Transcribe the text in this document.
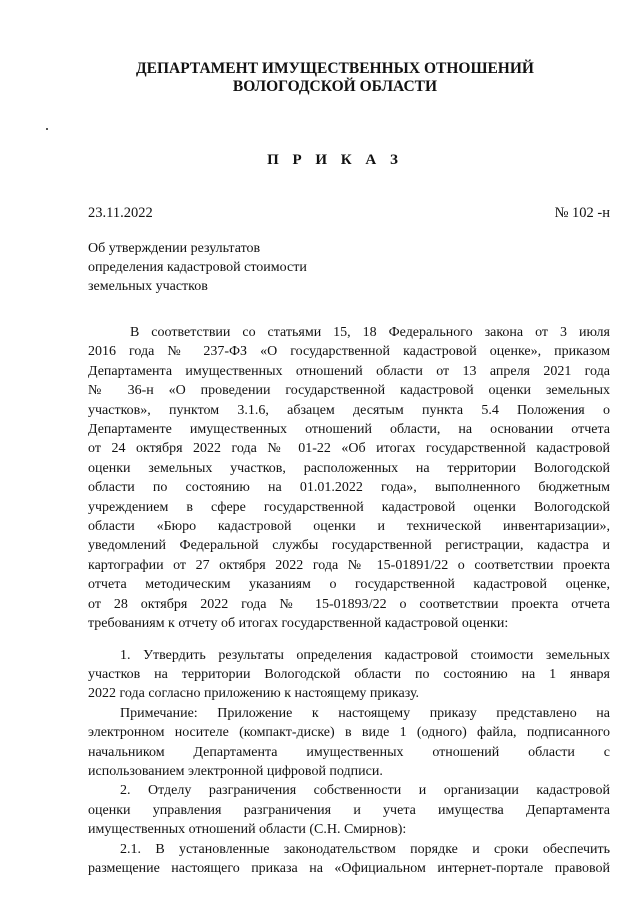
ДЕПАРТАМЕНТ ИМУЩЕСТВЕННЫХ ОТНОШЕНИЙ
ВОЛОГОДСКОЙ ОБЛАСТИ
П Р И К А З
23.11.2022	№ 102 -н
Об утверждении результатов
определения кадастровой стоимости
земельных участков
В соответствии со статьями 15, 18 Федерального закона от 3 июля
2016 года № 237-ФЗ «О государственной кадастровой оценке», приказом
Департамента имущественных отношений области от 13 апреля 2021 года
№ 36-н «О проведении государственной кадастровой оценки земельных
участков», пунктом 3.1.6, абзацем десятым пункта 5.4 Положения о
Департаменте имущественных отношений области, на основании отчета
от 24 октября 2022 года № 01-22 «Об итогах государственной кадастровой
оценки земельных участков, расположенных на территории Вологодской
области по состоянию на 01.01.2022 года», выполненного бюджетным
учреждением в сфере государственной кадастровой оценки Вологодской
области «Бюро кадастровой оценки и технической инвентаризации»,
уведомлений Федеральной службы государственной регистрации, кадастра и
картографии от 27 октября 2022 года № 15-01891/22 о соответствии проекта
отчета методическим указаниям о государственной кадастровой оценке,
от 28 октября 2022 года № 15-01893/22 о соответствии проекта отчета
требованиям к отчету об итогах государственной кадастровой оценки:
1. Утвердить результаты определения кадастровой стоимости земельных
участков на территории Вологодской области по состоянию на 1 января
2022 года согласно приложению к настоящему приказу.
Примечание: Приложение к настоящему приказу представлено на
электронном носителе (компакт-диске) в виде 1 (одного) файла, подписанного
начальником Департамента имущественных отношений области с
использованием электронной цифровой подписи.
2. Отделу разграничения собственности и организации кадастровой
оценки управления разграничения и учета имущества Департамента
имущественных отношений области (С.Н. Смирнов):
2.1. В установленные законодательством порядке и сроки обеспечить
размещение настоящего приказа на «Официальном интернет-портале правовой
